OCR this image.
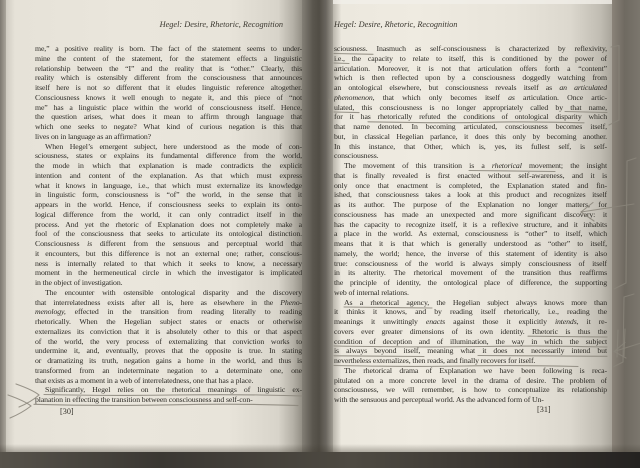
Hegel: Desire, Rhetoric, Recognition	Hegel: Desire, Rhetoric, Recognition
me,” a positive reality is born. The fact of the statement seems to under-
mine the content of the statement, for the statement effects a linguistic
relationship between the “I” and the reality that is “other.” Clearly, this
reality which is ostensibly different from the consciousness that announces
itself here is not so different that it eludes linguistic reference altogether.
Consciousness knows it well enough to negate it, and this piece of “not
me” has a linguistic place within the world of consciousness itself. Hence,
the question arises, what does it mean to affirm through language that
which one seeks to negate? What kind of curious negation is this that
lives on in language as an affirmation?
When Hegel’s emergent subject, here understood as the mode of con-
sciousness, states or explains its fundamental difference from the world,
the mode in which that explanation is made contradicts the explicit
intention and content of the explanation. As that which must express
what it knows in language, i.e., that which must externalize its knowledge
in linguistic form, consciousness is “of” the world, in the sense that it
appears in the world. Hence, if consciousness seeks to explain its onto-
logical difference from the world, it can only contradict itself in the
process. And yet the rhetoric of Explanation does not completely make a
fool of the consciousness that seeks to articulate its ontological distinction.
Consciousness is different from the sensuous and perceptual world that
it encounters, but this difference is not an external one; rather, conscious-
ness is internally related to that which it seeks to know, a necessary
moment in the hermeneutical circle in which the investigator is implicated
in the object of investigation.
The encounter with ostensible ontological disparity and the discovery
that interrelatedness exists after all is, here as elsewhere in the Pheno-
menology, effected in the transition from reading literally to reading
rhetorically. When the Hegelian subject states or enacts or otherwise
externalizes its conviction that it is absolutely other to this or that aspect
of the world, the very process of externalizing that conviction works to
undermine it, and, eventually, proves that the opposite is true. In stating
or dramatizing its truth, negation gains a home in the world, and thus is
transformed from an indeterminate negation to a determinate one, one
that exists as a moment in a web of interrelatedness, one that has a place.
Significantly, Hegel relies on the rhetorical meanings of linguistic ex-
planation in effecting the transition between consciousness and self-con-
sciousness. Inasmuch as self-consciousness is characterized by reflexivity,
i.e., the capacity to relate to itself, this is conditioned by the power of
articulation. Moreover, it is not that articulation offers forth a “content”
which is then reflected upon by a consciousness doggedly watching from
an ontological elsewhere, but consciousness reveals itself as an articulated
phenomenon, that which only becomes itself as articulation. Once artic-
ulated, this consciousness is no longer appropriately called by that name,
for it has rhetorically refuted the conditions of ontological disparity which
that name denoted. In becoming articulated, consciousness becomes itself,
but, in classical Hegelian parlance, it does this only by becoming another.
In this instance, that Other, which is, yes, its fullest self, is self-
consciousness.
The movement of this transition is a rhetorical movement; the insight
that is finally revealed is first enacted without self-awareness, and it is
only once that enactment is completed, the Explanation stated and fin-
ished, that consciousness takes a look at this product and recognizes itself
as its author. The purpose of the Explanation no longer matters, for
consciousness has made an unexpected and more significant discovery: it
has the capacity to recognize itself, it is a reflexive structure, and it inhabits
a place in the world. As external, consciousness is “other” to itself, which
means that it is that which is generally understood as “other” to itself,
namely, the world; hence, the inverse of this statement of identity is also
true: consciousness of the world is always simply consciousness of itself
in its alterity. The rhetorical movement of the transition thus reaffirms
the principle of identity, the ontological place of difference, the supporting
web of internal relations.
As a rhetorical agency, the Hegelian subject always knows more than
it thinks it knows, and by reading itself rhetorically, i.e., reading the
meanings it unwittingly enacts against those it explicitly intends, it re-
covers ever greater dimensions of its own identity. Rhetoric is thus the
condition of deception and of illumination, the way in which the subject
is always beyond itself, meaning what it does not necessarily intend but
nevertheless externalizes, then reads, and finally recovers for itself.
The rhetorical drama of Explanation we have been following is reca-
pitulated on a more concrete level in the drama of desire. The problem of
consciousness, we will remember, is how to conceptualize its relationship
with the sensuous and perceptual world. As the advanced form of Un-
[30]	[31]
